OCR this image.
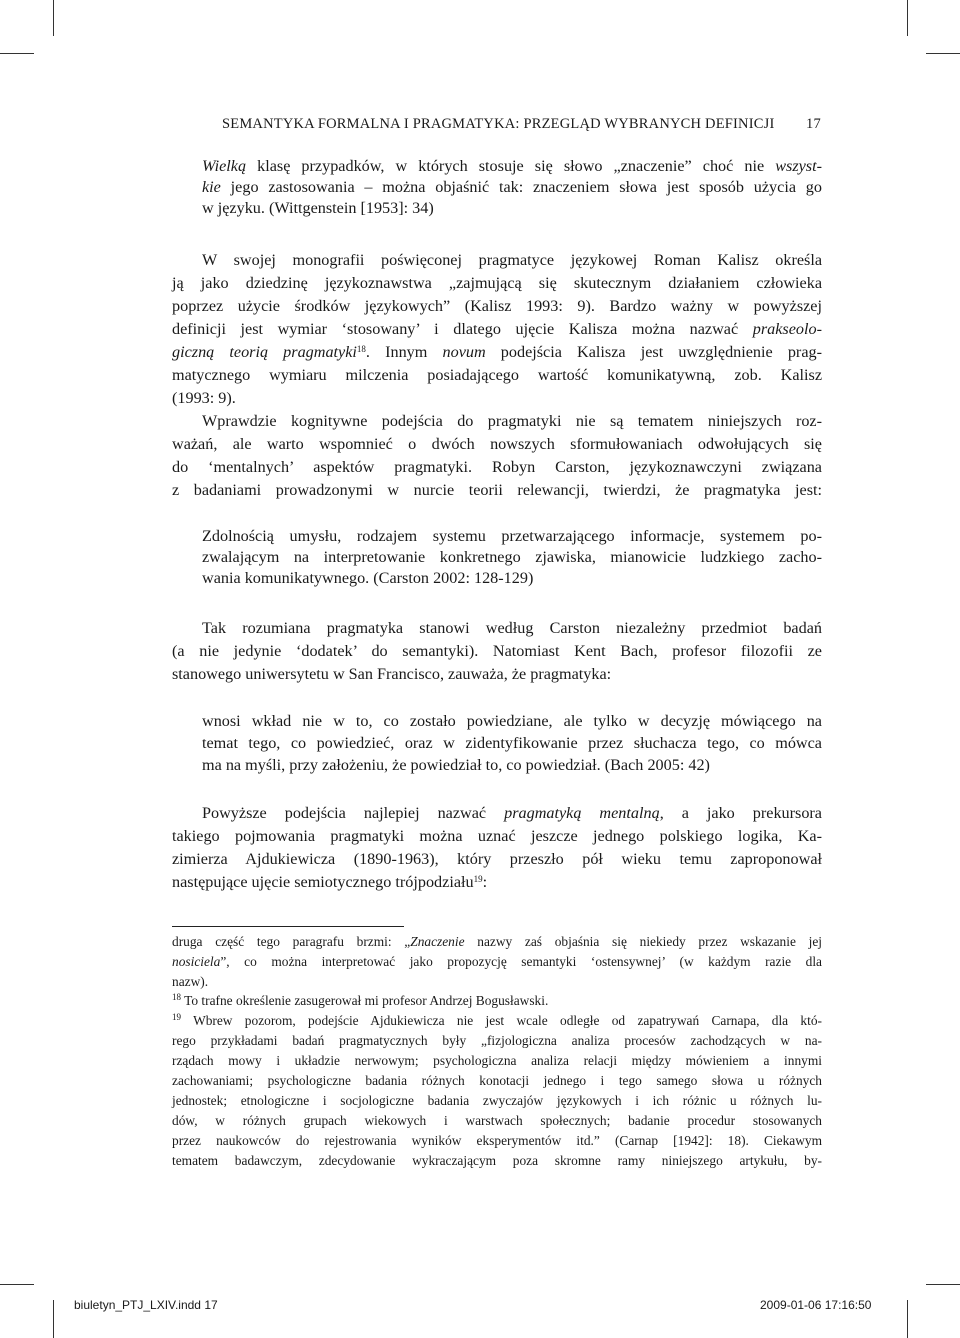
SEMANTYKA FORMALNA I PRAGMATYKA: PRZEGLĄD WYBRANYCH DEFINICJI 17
Wielką klasę przypadków, w których stosuje się słowo „znaczenie” choć nie wszyst-
kie jego zastosowania – można objaśnić tak: znaczeniem słowa jest sposób użycia go
w języku. (Wittgenstein [1953]: 34)
W swojej monografii poświęconej pragmatyce językowej Roman Kalisz określa
ją jako dziedzinę językoznawstwa „zajmującą się skutecznym działaniem człowieka
poprzez użycie środków językowych” (Kalisz 1993: 9). Bardzo ważny w powyższej
definicji jest wymiar ‘stosowany’ i dlatego ujęcie Kalisza można nazwać prakseolo-
giczną teorią pragmatyki$^{18}$. Innym novum podejścia Kalisza jest uwzględnienie prag-
matycznego wymiaru milczenia posiadającego wartość komunikatywną, zob. Kalisz
(1993: 9).
Wprawdzie kognitywne podejścia do pragmatyki nie są tematem niniejszych roz-
ważań, ale warto wspomnieć o dwóch nowszych sformułowaniach odwołujących się
do ‘mentalnych’ aspektów pragmatyki. Robyn Carston, językoznawczyni związana
z badaniami prowadzonymi w nurcie teorii relewancji, twierdzi, że pragmatyka jest:
Zdolnością umysłu, rodzajem systemu przetwarzającego informacje, systemem po-
zwalającym na interpretowanie konkretnego zjawiska, mianowicie ludzkiego zacho-
wania komunikatywnego. (Carston 2002: 128-129)
Tak rozumiana pragmatyka stanowi według Carston niezależny przedmiot badań
(a nie jedynie ‘dodatek’ do semantyki). Natomiast Kent Bach, profesor filozofii ze
stanowego uniwersytetu w San Francisco, zauważa, że pragmatyka:
wnosi wkład nie w to, co zostało powiedziane, ale tylko w decyzję mówiącego na
temat tego, co powiedzieć, oraz w zidentyfikowanie przez słuchacza tego, co mówca
ma na myśli, przy założeniu, że powiedział to, co powiedział. (Bach 2005: 42)
Powyższe podejścia najlepiej nazwać pragmatyką mentalną, a jako prekursora
takiego pojmowania pragmatyki można uznać jeszcze jednego polskiego logika, Ka-
zimierza Ajdukiewicza (1890-1963), który przeszło pół wieku temu zaproponował
następujące ujęcie semiotycznego trójpodziału$^{19}$:
druga część tego paragrafu brzmi: „Znaczenie nazwy zaś objaśnia się niekiedy przez wskazanie jej
nosiciela”, co można interpretować jako propozycję semantyki ‘ostensywnej’ (w każdym razie dla
nazw).
$^{18}$ To trafne określenie zasugerował mi profesor Andrzej Bogusławski.
$^{19}$ Wbrew pozorom, podejście Ajdukiewicza nie jest wcale odległe od zapatrywań Carnapa, dla któ-
rego przykładami badań pragmatycznych były „fizjologiczna analiza procesów zachodzących w na-
rządach mowy i układzie nerwowym; psychologiczna analiza relacji między mówieniem a innymi
zachowaniami; psychologiczne badania różnych konotacji jednego i tego samego słowa u różnych
jednostek; etnologiczne i socjologiczne badania zwyczajów językowych i ich różnic u różnych lu-
dów, w różnych grupach wiekowych i warstwach społecznych; badanie procedur stosowanych
przez naukowców do rejestrowania wyników eksperymentów itd.” (Carnap [1942]: 18). Ciekawym
tematem badawczym, zdecydowanie wykraczającym poza skromne ramy niniejszego artykułu, by-
biuletyn_PTJ_LXIV.indd 17	2009-01-06 17:16:50
